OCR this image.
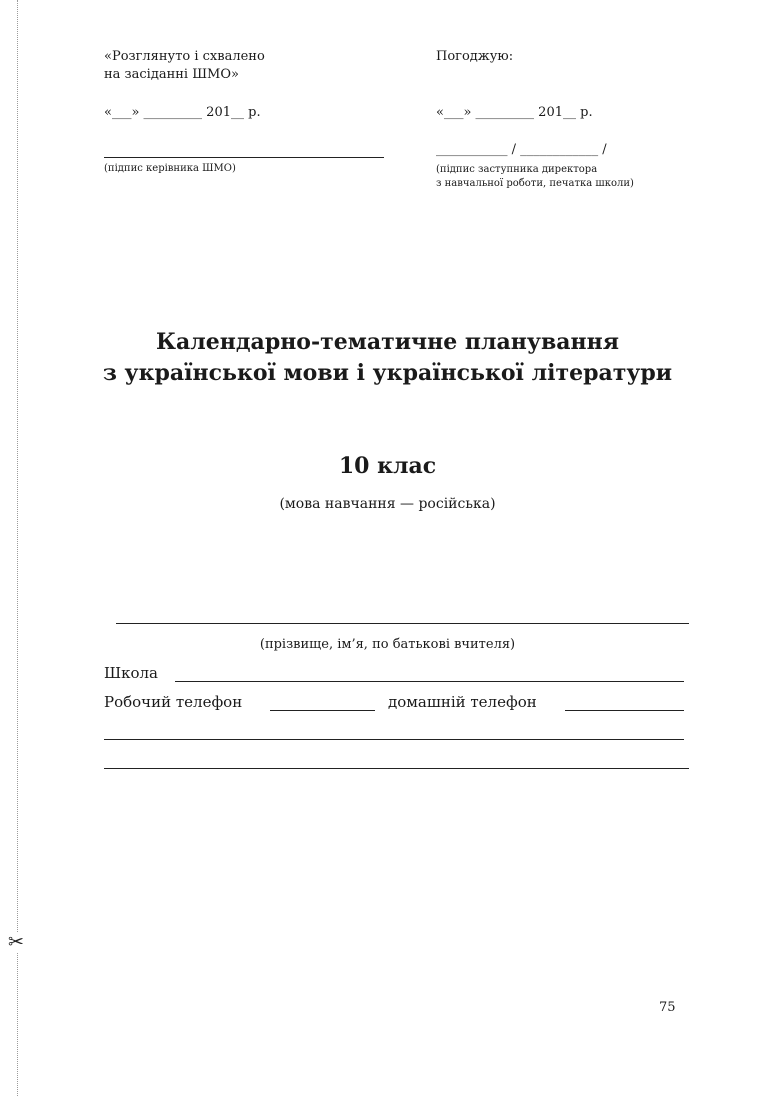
✂
«Розглянуто і схвалено
на засіданні ШМО»
«___» _________ 201__ р.
(підпис керівника ШМО)
Погоджую:
«___» _________ 201__ р.
___________ / ____________ /
(підпис заступника директора
з навчальної роботи, печатка школи)
Календарно-тематичне планування
з української мови і української літератури
10 клас
(мова навчання — російська)
(прізвище, ім’я, по батькові вчителя)
Школа
Робочий телефон	домашній телефон
75
